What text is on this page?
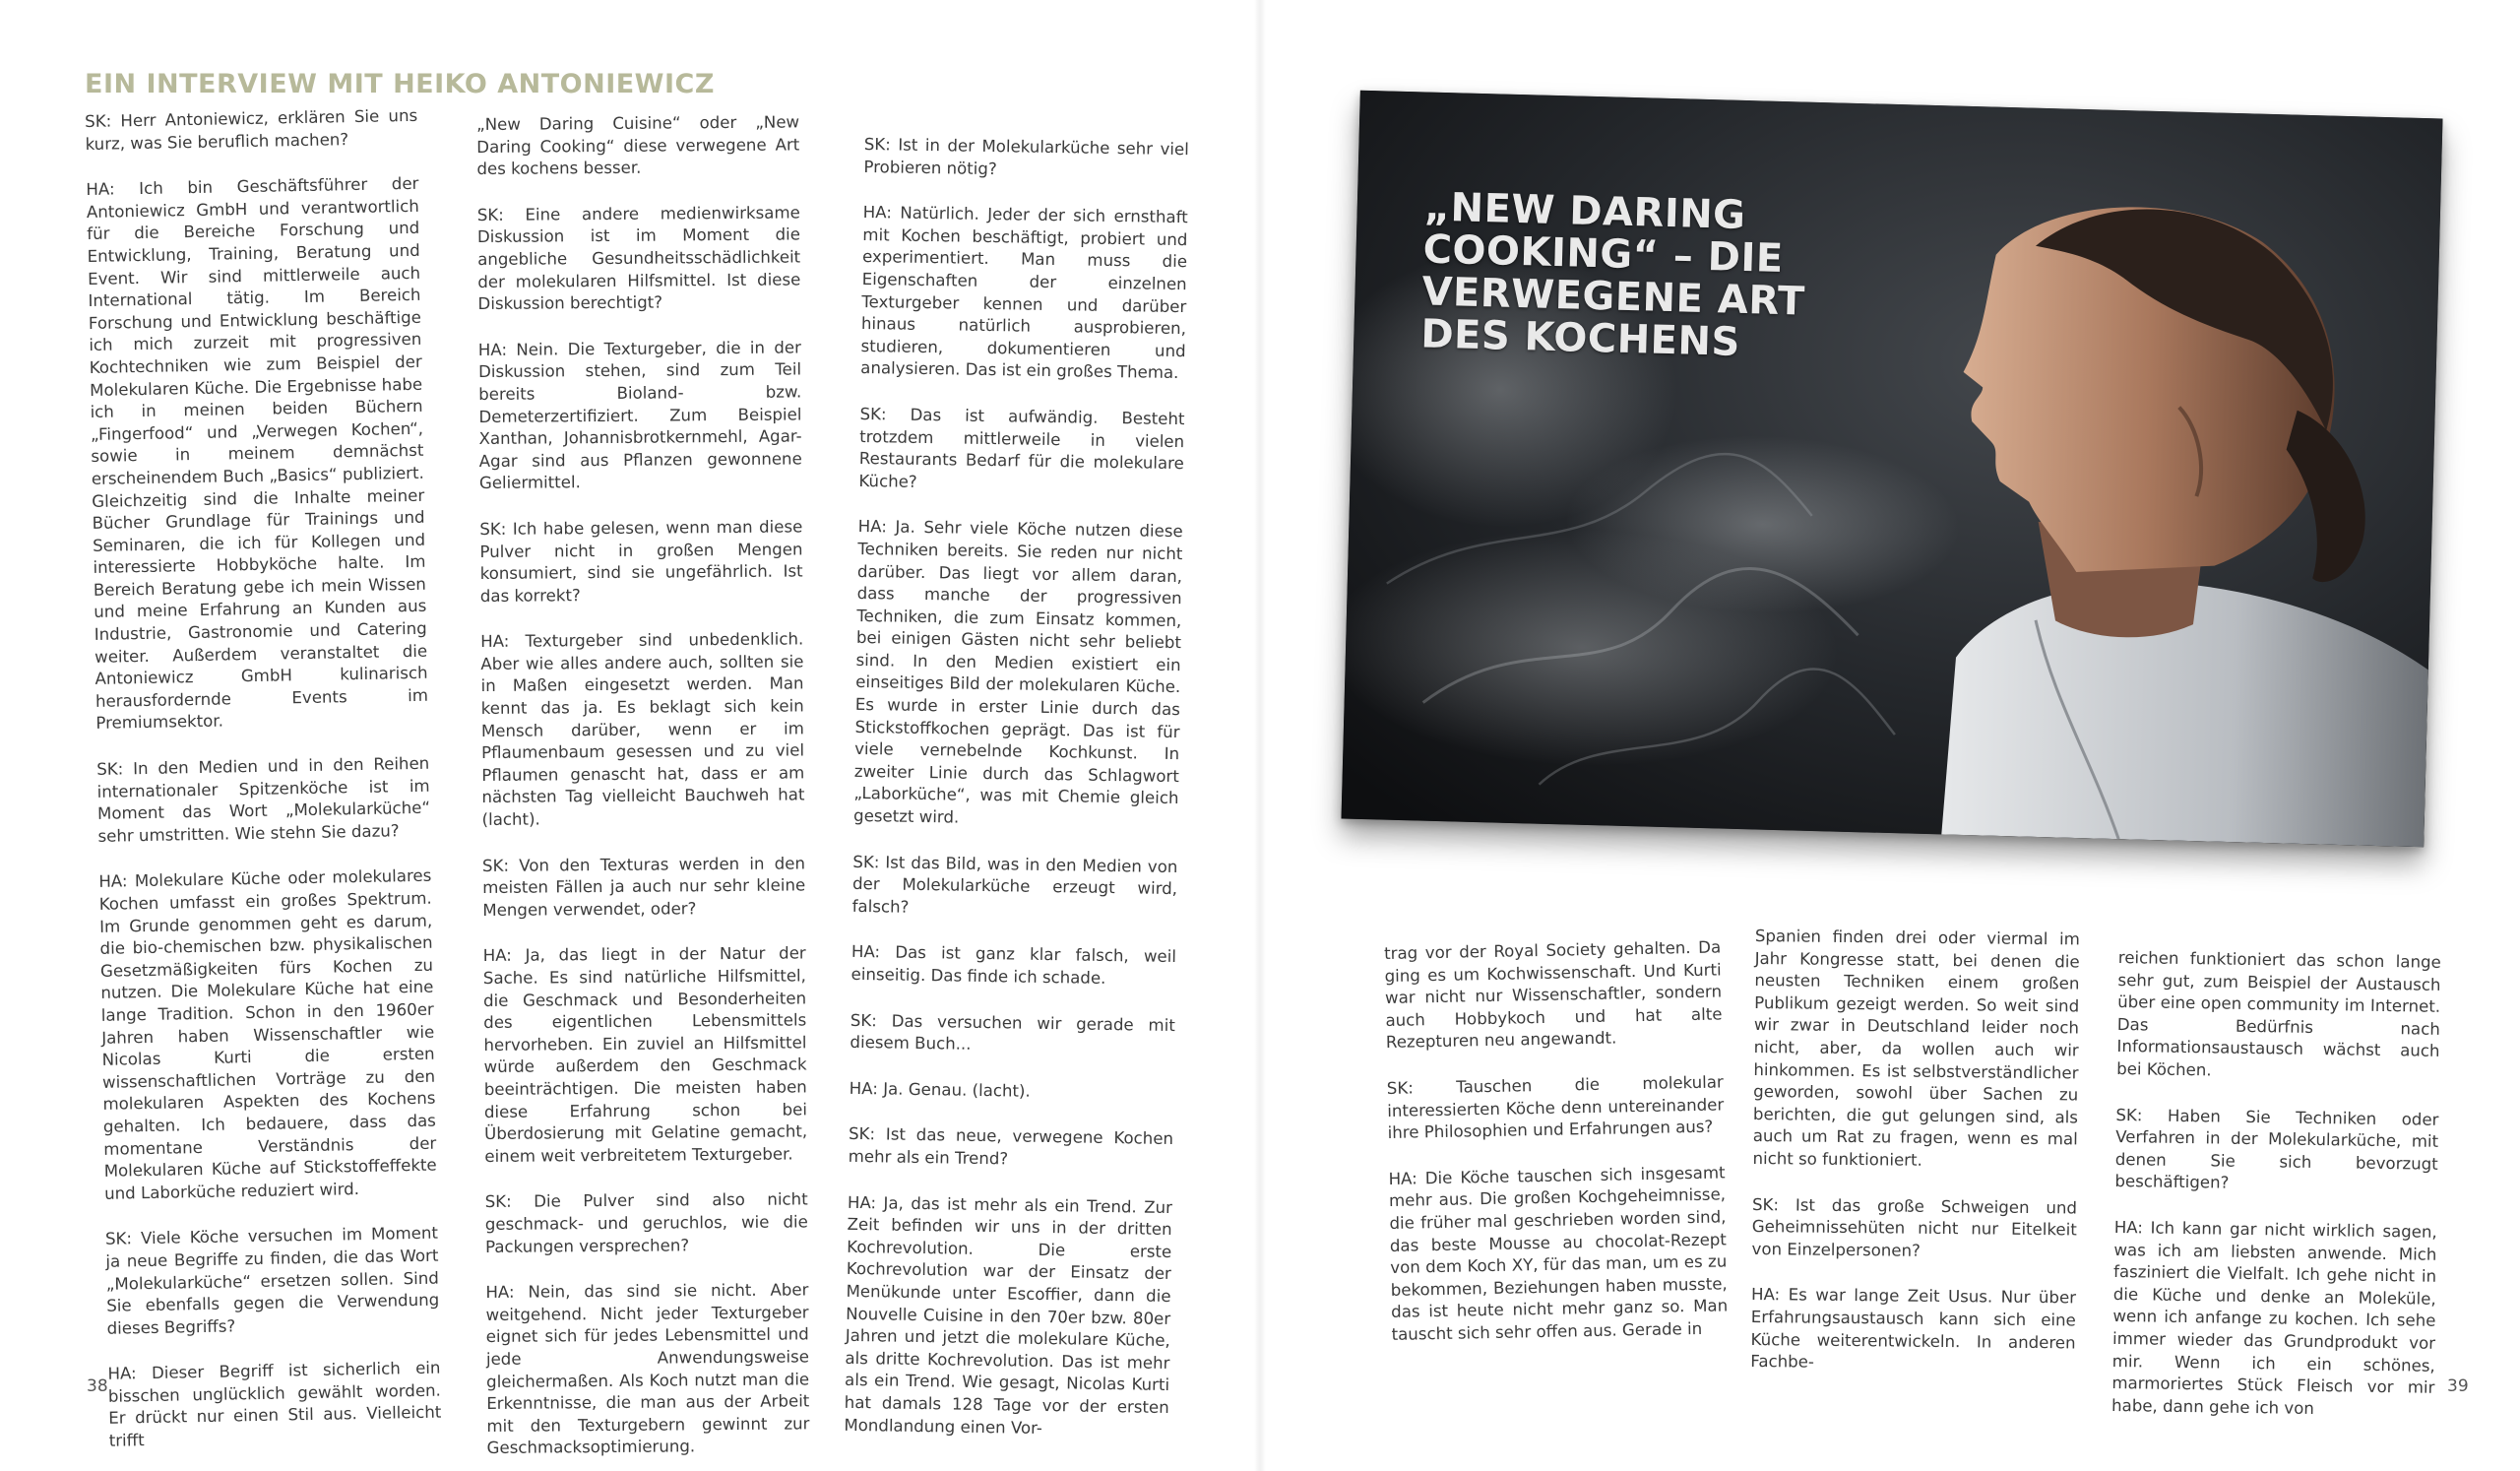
EIN INTERVIEW MIT HEIKO ANTONIEWICZ

SK: Herr Antoniewicz, erklären Sie uns kurz, was Sie beruflich machen?

HA: Ich bin Geschäftsführer der Antoniewicz GmbH und verantwortlich für die Bereiche Forschung und Entwicklung, Training, Beratung und Event. Wir sind mittlerweile auch International tätig. Im Bereich Forschung und Entwicklung beschäftige ich mich zurzeit mit progressiven Kochtechniken wie zum Beispiel der Molekularen Küche. Die Ergebnisse habe ich in meinen beiden Büchern „Fingerfood“ und „Verwegen Kochen“, sowie in meinem demnächst erscheinendem Buch „Basics“ publiziert. Gleichzeitig sind die Inhalte meiner Bücher Grundlage für Trainings und Seminaren, die ich für Kollegen und interessierte Hobbyköche halte. Im Bereich Beratung gebe ich mein Wissen und meine Erfahrung an Kunden aus Industrie, Gastronomie und Catering weiter. Außerdem veranstaltet die Antoniewicz GmbH kulinarisch herausfordernde Events im Premiumsektor.

SK: In den Medien und in den Reihen internationaler Spitzenköche ist im Moment das Wort „Molekularküche“ sehr umstritten. Wie stehn Sie dazu?

HA: Molekulare Küche oder molekulares Kochen umfasst ein großes Spektrum. Im Grunde genommen geht es darum, die bio-chemischen bzw. physikalischen Gesetzmäßigkeiten fürs Kochen zu nutzen. Die Molekulare Küche hat eine lange Tradition. Schon in den 1960er Jahren haben Wissenschaftler wie Nicolas Kurti die ersten wissenschaftlichen Vorträge zu den molekularen Aspekten des Kochens gehalten. Ich bedauere, dass das momentane Verständnis der Molekularen Küche auf Stickstoffeffekte und Laborküche reduziert wird.

SK: Viele Köche versuchen im Moment ja neue Begriffe zu finden, die das Wort „Molekularküche“ ersetzen sollen. Sind Sie ebenfalls gegen die Verwendung dieses Begriffs?

HA: Dieser Begriff ist sicherlich ein bisschen unglücklich gewählt worden. Er drückt nur einen Stil aus. Vielleicht trifft

„New Daring Cuisine“ oder „New Daring Cooking“ diese verwegene Art des kochens besser.

SK: Eine andere medienwirksame Diskussion ist im Moment die angebliche Gesundheitsschädlichkeit der molekularen Hilfsmittel. Ist diese Diskussion berechtigt?

HA: Nein. Die Texturgeber, die in der Diskussion stehen, sind zum Teil bereits Bioland- bzw. Demeterzertifiziert. Zum Beispiel Xanthan, Johannisbrotkernmehl, Agar-Agar sind aus Pflanzen gewonnene Geliermittel.

SK: Ich habe gelesen, wenn man diese Pulver nicht in großen Mengen konsumiert, sind sie ungefährlich. Ist das korrekt?

HA: Texturgeber sind unbedenklich. Aber wie alles andere auch, sollten sie in Maßen eingesetzt werden. Man kennt das ja. Es beklagt sich kein Mensch darüber, wenn er im Pflaumenbaum gesessen und zu viel Pflaumen genascht hat, dass er am nächsten Tag vielleicht Bauchweh hat (lacht).

SK: Von den Texturas werden in den meisten Fällen ja auch nur sehr kleine Mengen verwendet, oder?

HA: Ja, das liegt in der Natur der Sache. Es sind natürliche Hilfsmittel, die Geschmack und Besonderheiten des eigentlichen Lebensmittels hervorheben. Ein zuviel an Hilfsmittel würde außerdem den Geschmack beeinträchtigen. Die meisten haben diese Erfahrung schon bei Überdosierung mit Gelatine gemacht, einem weit verbreitetem Texturgeber.

SK: Die Pulver sind also nicht geschmack- und geruchlos, wie die Packungen versprechen?

HA: Nein, das sind sie nicht. Aber weitgehend. Nicht jeder Texturgeber eignet sich für jedes Lebensmittel und jede Anwendungsweise gleichermaßen. Als Koch nutzt man die Erkenntnisse, die man aus der Arbeit mit den Texturgebern gewinnt zur Geschmacksoptimierung.

SK: Ist in der Molekularküche sehr viel Probieren nötig?

HA: Natürlich. Jeder der sich ernsthaft mit Kochen beschäftigt, probiert und experimentiert. Man muss die Eigenschaften der einzelnen Texturgeber kennen und darüber hinaus natürlich ausprobieren, studieren, dokumentieren und analysieren. Das ist ein großes Thema.

SK: Das ist aufwändig. Besteht trotzdem mittlerweile in vielen Restaurants Bedarf für die molekulare Küche?

HA: Ja. Sehr viele Köche nutzen diese Techniken bereits. Sie reden nur nicht darüber. Das liegt vor allem daran, dass manche der progressiven Techniken, die zum Einsatz kommen, bei einigen Gästen nicht sehr beliebt sind. In den Medien existiert ein einseitiges Bild der molekularen Küche. Es wurde in erster Linie durch das Stickstoffkochen geprägt. Das ist für viele vernebelnde Kochkunst. In zweiter Linie durch das Schlagwort „Laborküche“, was mit Chemie gleich gesetzt wird.

SK: Ist das Bild, was in den Medien von der Molekularküche erzeugt wird, falsch?

HA: Das ist ganz klar falsch, weil einseitig. Das finde ich schade.

SK: Das versuchen wir gerade mit diesem Buch...

HA: Ja. Genau. (lacht).

SK: Ist das neue, verwegene Kochen mehr als ein Trend?

HA: Ja, das ist mehr als ein Trend. Zur Zeit befinden wir uns in der dritten Kochrevolution. Die erste Kochrevolution war der Einsatz der Menükunde unter Escoffier, dann die Nouvelle Cuisine in den 70er bzw. 80er Jahren und jetzt die molekulare Küche, als dritte Kochrevolution. Das ist mehr als ein Trend. Wie gesagt, Nicolas Kurti hat damals 128 Tage vor der ersten Mondlandung einen Vor-

„NEW DARING
COOKING“ – DIE
VERWEGENE ART
DES KOCHENS

trag vor der Royal Society gehalten. Da ging es um Kochwissenschaft. Und Kurti war nicht nur Wissenschaftler, sondern auch Hobbykoch und hat alte Rezepturen neu angewandt.

SK: Tauschen die molekular interessierten Köche denn untereinander ihre Philosophien und Erfahrungen aus?

HA: Die Köche tauschen sich insgesamt mehr aus. Die großen Kochgeheimnisse, die früher mal geschrieben worden sind, das beste Mousse au chocolat-Rezept von dem Koch XY, für das man, um es zu bekommen, Beziehungen haben musste, das ist heute nicht mehr ganz so. Man tauscht sich sehr offen aus. Gerade in

Spanien finden drei oder viermal im Jahr Kongresse statt, bei denen die neusten Techniken einem großen Publikum gezeigt werden. So weit sind wir zwar in Deutschland leider noch nicht, aber, da wollen auch wir hinkommen. Es ist selbstverständlicher geworden, sowohl über Sachen zu berichten, die gut gelungen sind, als auch um Rat zu fragen, wenn es mal nicht so funktioniert.

SK: Ist das große Schweigen und Geheimnissehüten nicht nur Eitelkeit von Einzelpersonen?

HA: Es war lange Zeit Usus. Nur über Erfahrungsaustausch kann sich eine Küche weiterentwickeln. In anderen Fachbe-

reichen funktioniert das schon lange sehr gut, zum Beispiel der Austausch über eine open community im Internet. Das Bedürfnis nach Informationsaustausch wächst auch bei Köchen.

SK: Haben Sie Techniken oder Verfahren in der Molekularküche, mit denen Sie sich bevorzugt beschäftigen?

HA: Ich kann gar nicht wirklich sagen, was ich am liebsten anwende. Mich fasziniert die Vielfalt. Ich gehe nicht in die Küche und denke an Moleküle, wenn ich anfange zu kochen. Ich sehe immer wieder das Grundprodukt vor mir. Wenn ich ein schönes, marmoriertes Stück Fleisch vor mir habe, dann gehe ich von

38	39
